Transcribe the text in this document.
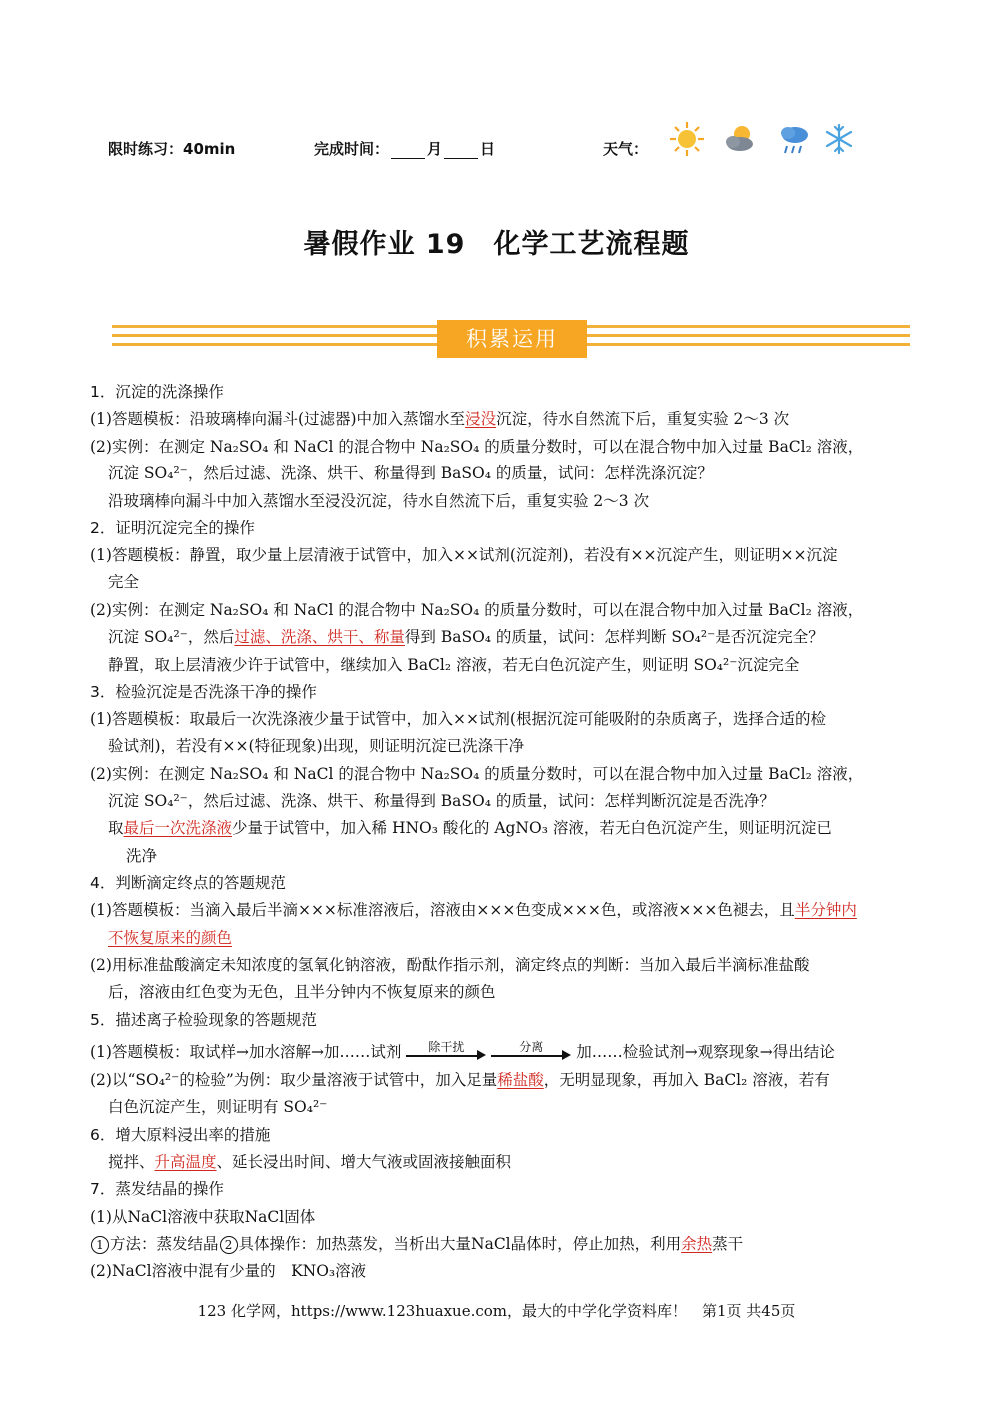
限时练习：40min	完成时间：	月	日	天气：
暑假作业 19　化学工艺流程题
积累运用
1．沉淀的洗涤操作
(1)答题模板：沿玻璃棒向漏斗(过滤器)中加入蒸馏水至浸没沉淀，待水自然流下后，重复实验 2～3 次
(2)实例：在测定 Na₂SO₄ 和 NaCl 的混合物中 Na₂SO₄ 的质量分数时，可以在混合物中加入过量 BaCl₂ 溶液，
沉淀 SO₄²⁻，然后过滤、洗涤、烘干、称量得到 BaSO₄ 的质量，试问：怎样洗涤沉淀？
沿玻璃棒向漏斗中加入蒸馏水至浸没沉淀，待水自然流下后，重复实验 2～3 次
2．证明沉淀完全的操作
(1)答题模板：静置，取少量上层清液于试管中，加入××试剂(沉淀剂)，若没有××沉淀产生，则证明××沉淀
完全
(2)实例：在测定 Na₂SO₄ 和 NaCl 的混合物中 Na₂SO₄ 的质量分数时，可以在混合物中加入过量 BaCl₂ 溶液，
沉淀 SO₄²⁻，然后过滤、洗涤、烘干、称量得到 BaSO₄ 的质量，试问：怎样判断 SO₄²⁻是否沉淀完全？
静置，取上层清液少许于试管中，继续加入 BaCl₂ 溶液，若无白色沉淀产生，则证明 SO₄²⁻沉淀完全
3．检验沉淀是否洗涤干净的操作
(1)答题模板：取最后一次洗涤液少量于试管中，加入××试剂(根据沉淀可能吸附的杂质离子，选择合适的检
验试剂)，若没有××(特征现象)出现，则证明沉淀已洗涤干净
(2)实例：在测定 Na₂SO₄ 和 NaCl 的混合物中 Na₂SO₄ 的质量分数时，可以在混合物中加入过量 BaCl₂ 溶液，
沉淀 SO₄²⁻，然后过滤、洗涤、烘干、称量得到 BaSO₄ 的质量，试问：怎样判断沉淀是否洗净？
取最后一次洗涤液少量于试管中，加入稀 HNO₃ 酸化的 AgNO₃ 溶液，若无白色沉淀产生，则证明沉淀已
洗净
4．判断滴定终点的答题规范
(1)答题模板：当滴入最后半滴×××标准溶液后，溶液由×××色变成×××色，或溶液×××色褪去，且半分钟内
不恢复原来的颜色
(2)用标准盐酸滴定未知浓度的氢氧化钠溶液，酚酞作指示剂，滴定终点的判断：当加入最后半滴标准盐酸
后，溶液由红色变为无色，且半分钟内不恢复原来的颜色
5．描述离子检验现象的答题规范
(1)答题模板：取试样→加水溶解→加……试剂	除干扰
	分离	加……检验试剂→观察现象→得出结论
(2)以“SO₄²⁻的检验”为例：取少量溶液于试管中，加入足量稀盐酸，无明显现象，再加入 BaCl₂ 溶液，若有
白色沉淀产生，则证明有 SO₄²⁻
6．增大原料浸出率的措施
搅拌、升高温度、延长浸出时间、增大气液或固液接触面积
7．蒸发结晶的操作
(1)从NaCl溶液中获取NaCl固体
1 方法：蒸发结晶 2 具体操作：加热蒸发，当析出大量NaCl晶体时，停止加热，利用余热蒸干
(2)NaCl溶液中混有少量的　KNO₃溶液
123 化学网，https://www.123huaxue.com，最大的中学化学资料库！　第1页 共45页
